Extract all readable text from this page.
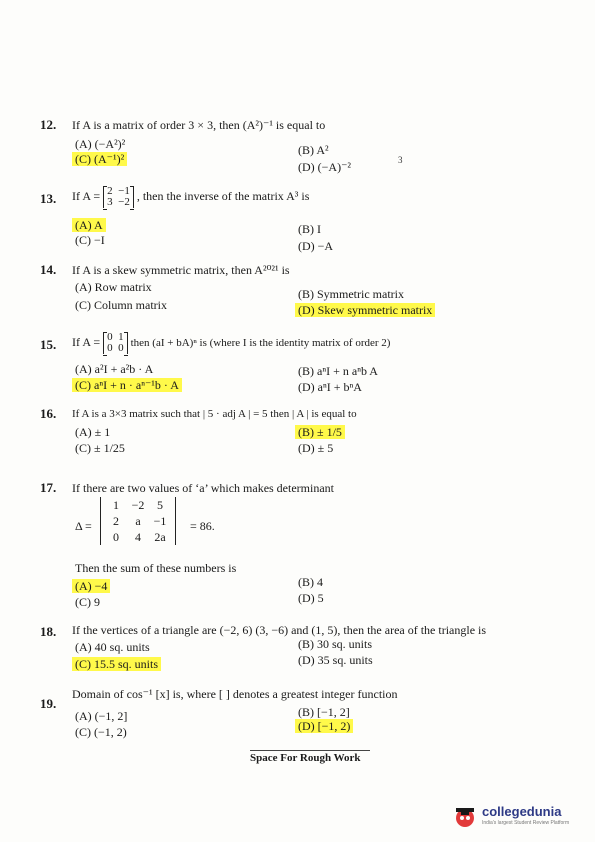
12. If A is a matrix of order 3 × 3, then (A²)⁻¹ is equal to
(A) (−A²)²	(B) A²
(C) (A⁻¹)²
(D) (−A)⁻²	3
13. If A = 2 −1
3 −2 , then the inverse of the matrix A³ is
(A) A	(B) I
(C) −I	(D) −A
14. If A is a skew symmetric matrix, then A²⁰²¹ is
(A) Row matrix	(B) Symmetric matrix
(C) Column matrix	(D) Skew symmetric matrix
15. If A = 0 1
0 0 then (aI + bA)ⁿ is (where I is the identity matrix of order 2)
(A) a²I + a²b · A	(B) aⁿI + n aⁿb A
(C) aⁿI + n · aⁿ⁻¹b · A	(D) aⁿI + bⁿA
16. If A is a 3×3 matrix such that | 5 · adj A | = 5 then | A | is equal to
(A) ± 1	(B) ± 1/5
(C) ± 1/25	(D) ± 5
17. If there are two values of ‘a’ which makes determinant
Δ =
1 −2 5
2 a −1
0 4 2a
= 86.
Then the sum of these numbers is
(A) −4	(B) 4
(C) 9	(D) 5
18. If the vertices of a triangle are (−2, 6) (3, −6) and (1, 5), then the area of the triangle is
(A) 40 sq. units	(B) 30 sq. units
(C) 15.5 sq. units	(D) 35 sq. units
19.
Domain of cos⁻¹ [x] is, where [ ] denotes a greatest integer function
(A) (−1, 2]	(B) [−1, 2]
(C) (−1, 2)	(D) [−1, 2)
Space For Rough Work
collegedunia
India's largest Student Review Platform
